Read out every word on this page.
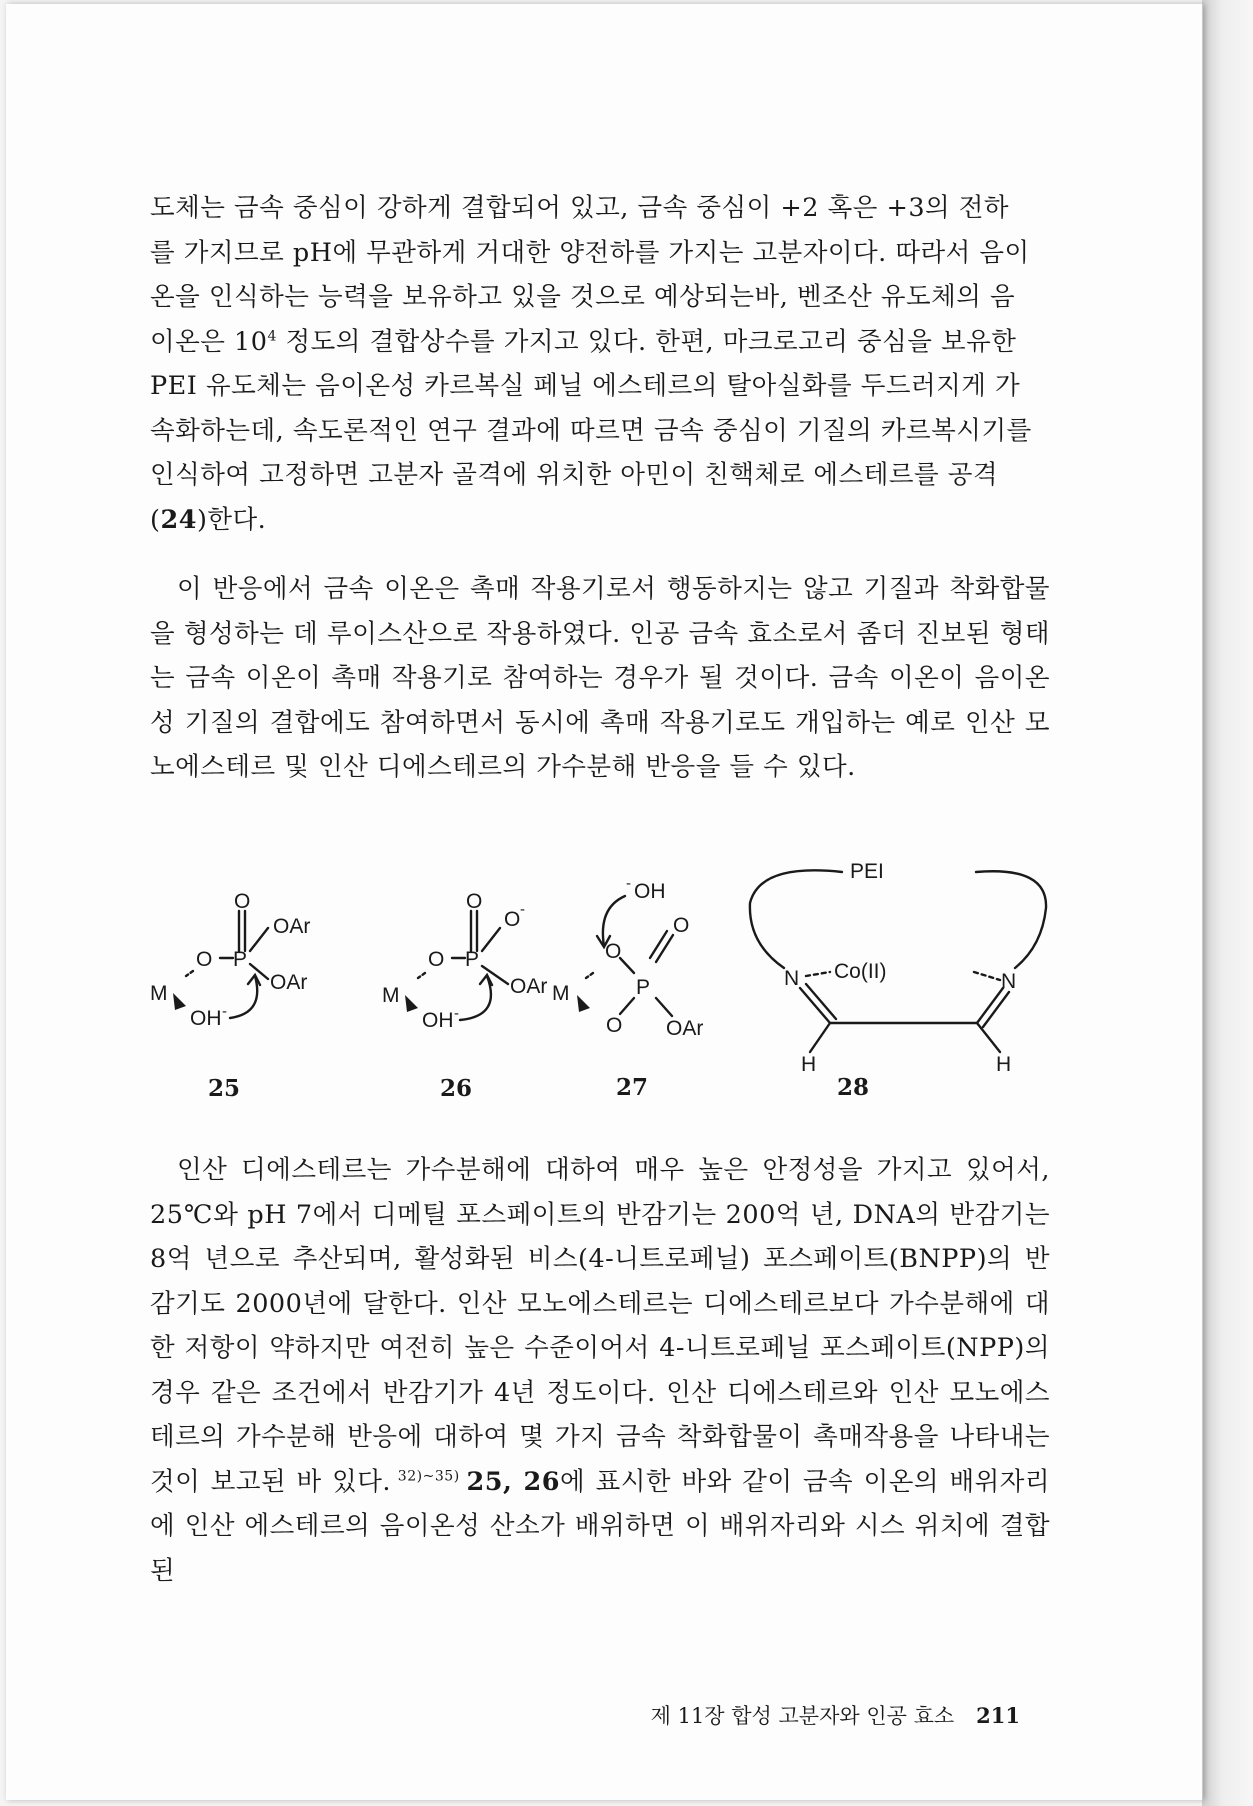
도체는 금속 중심이 강하게 결합되어 있고, 금속 중심이 +2 혹은 +3의 전하

를 가지므로 pH에 무관하게 거대한 양전하를 가지는 고분자이다. 따라서 음이

온을 인식하는 능력을 보유하고 있을 것으로 예상되는바, 벤조산 유도체의 음

이온은 $10^4$ 정도의 결합상수를 가지고 있다. 한편, 마크로고리 중심을 보유한

PEI 유도체는 음이온성 카르복실 페닐 에스테르의 탈아실화를 두드러지게 가

속화하는데, 속도론적인 연구 결과에 따르면 금속 중심이 기질의 카르복시기를

인식하여 고정하면 고분자 골격에 위치한 아민이 친핵체로 에스테르를 공격

(24)한다.

이 반응에서 금속 이온은 촉매 작용기로서 행동하지는 않고 기질과 착화합물을 형성하는 데 루이스산으로 작용하였다. 인공 금속 효소로서 좀더 진보된 형태는 금속 이온이 촉매 작용기로 참여하는 경우가 될 것이다. 금속 이온이 음이온성 기질의 결합에도 참여하면서 동시에 촉매 작용기로도 개입하는 예로 인산 모노에스테르 및 인산 디에스테르의 가수분해 반응을 들 수 있다.

O
OAr
O P
OAr
M
OH -
25
O
O -
O P
OAr
M
OH -
26
- OH
O
O
P
O
M
OAr
27
PEI
Co(II)
N	N
H	H
28

인산 디에스테르는 가수분해에 대하여 매우 높은 안정성을 가지고 있어서, 25℃와 pH 7에서 디메틸 포스페이트의 반감기는 200억 년, DNA의 반감기는 8억 년으로 추산되며, 활성화된 비스(4-니트로페닐) 포스페이트(BNPP)의 반감기도 2000년에 달한다. 인산 모노에스테르는 디에스테르보다 가수분해에 대한 저항이 약하지만 여전히 높은 수준이어서 4-니트로페닐 포스페이트(NPP)의 경우 같은 조건에서 반감기가 4년 정도이다. 인산 디에스테르와 인산 모노에스테르의 가수분해 반응에 대하여 몇 가지 금속 착화합물이 촉매작용을 나타내는 것이 보고된 바 있다. $^{32)\sim 35)}$ 25, 26에 표시한 바와 같이 금속 이온의 배위자리에 인산 에스테르의 음이온성 산소가 배위하면 이 배위자리와 시스 위치에 결합된

제 11장 합성 고분자와 인공 효소 211
